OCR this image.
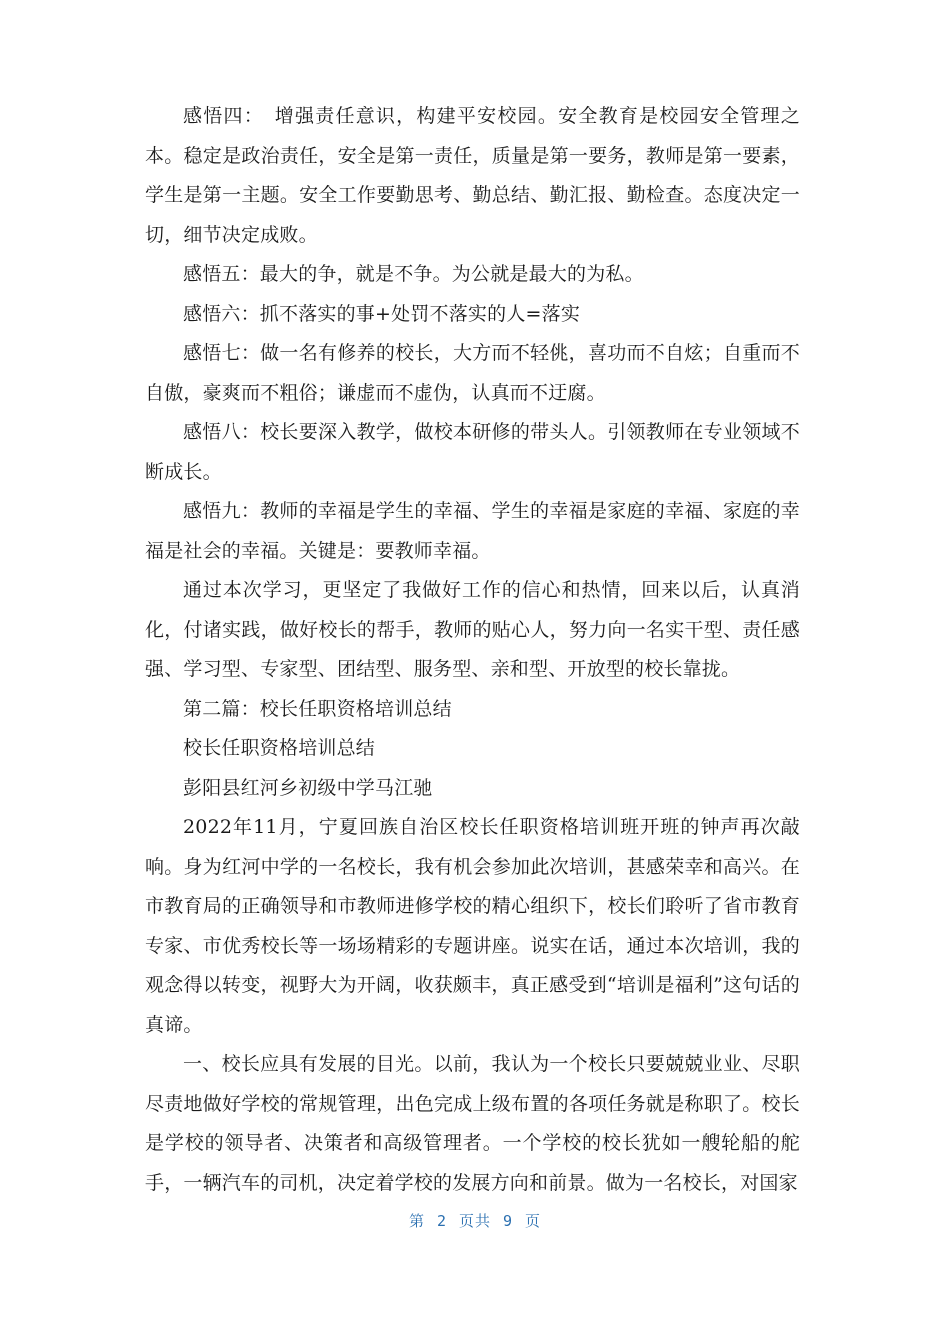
感悟四：　增强责任意识，构建平安校园。安全教育是校园安全管理之本。稳定是政治责任，安全是第一责任，质量是第一要务，教师是第一要素，学生是第一主题。安全工作要勤思考、勤总结、勤汇报、勤检查。态度决定一切，细节决定成败。

感悟五：最大的争，就是不争。为公就是最大的为私。

感悟六：抓不落实的事+处罚不落实的人=落实

感悟七：做一名有修养的校长，大方而不轻佻，喜功而不自炫；自重而不自傲，豪爽而不粗俗；谦虚而不虚伪，认真而不迂腐。

感悟八：校长要深入教学，做校本研修的带头人。引领教师在专业领域不断成长。

感悟九：教师的幸福是学生的幸福、学生的幸福是家庭的幸福、家庭的幸福是社会的幸福。关键是：要教师幸福。

通过本次学习，更坚定了我做好工作的信心和热情，回来以后，认真消化，付诸实践，做好校长的帮手，教师的贴心人，努力向一名实干型、责任感强、学习型、专家型、团结型、服务型、亲和型、开放型的校长靠拢。

第二篇：校长任职资格培训总结

校长任职资格培训总结

彭阳县红河乡初级中学马江驰

2022年11月，宁夏回族自治区校长任职资格培训班开班的钟声再次敲响。身为红河中学的一名校长，我有机会参加此次培训，甚感荣幸和高兴。在市教育局的正确领导和市教师进修学校的精心组织下，校长们聆听了省市教育专家、市优秀校长等一场场精彩的专题讲座。说实在话，通过本次培训，我的观念得以转变，视野大为开阔，收获颇丰，真正感受到“培训是福利”这句话的真谛。

一、校长应具有发展的目光。以前，我认为一个校长只要兢兢业业、尽职尽责地做好学校的常规管理，出色完成上级布置的各项任务就是称职了。校长是学校的领导者、决策者和高级管理者。一个学校的校长犹如一艘轮船的舵手，一辆汽车的司机，决定着学校的发展方向和前景。做为一名校长，对国家

第 2 页共 9 页
